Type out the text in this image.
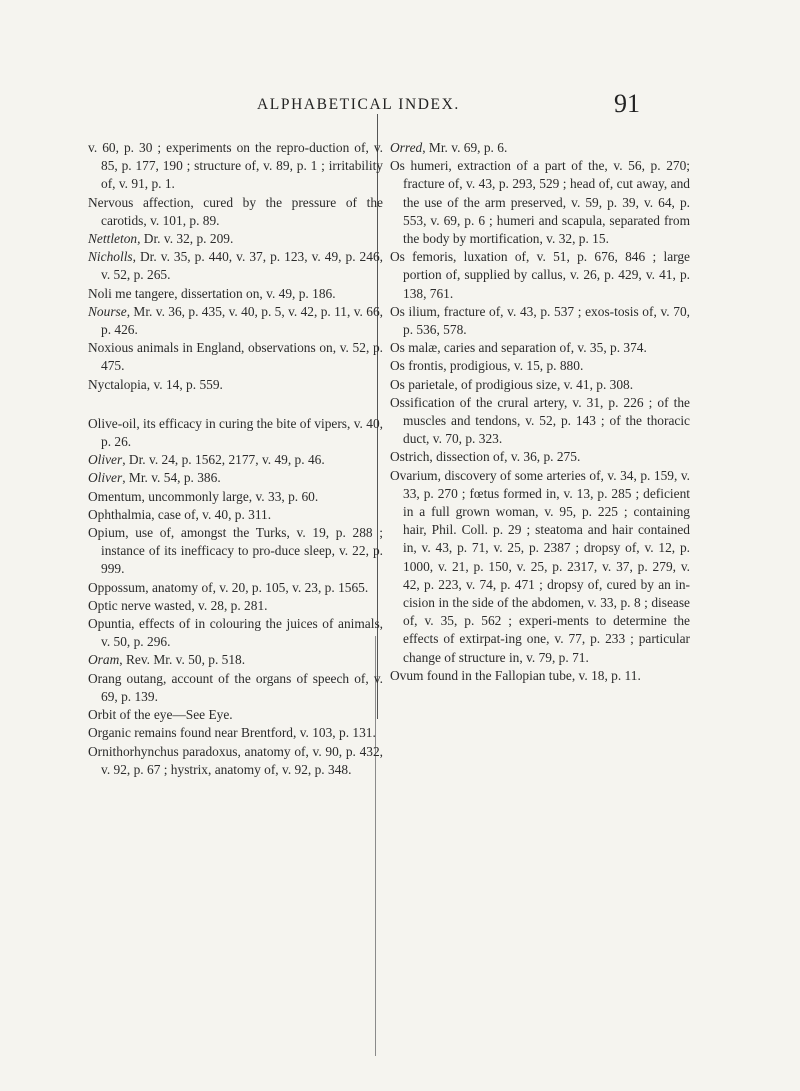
ALPHABETICAL INDEX.	91

v. 60, p. 30 ; experiments on the repro-duction of, v. 85, p. 177, 190 ; structure of, v. 89, p. 1 ; irritability of, v. 91, p. 1.

Nervous affection, cured by the pressure of the carotids, v. 101, p. 89.

Nettleton, Dr. v. 32, p. 209.

Nicholls, Dr. v. 35, p. 440, v. 37, p. 123, v. 49, p. 246, v. 52, p. 265.

Noli me tangere, dissertation on, v. 49, p. 186.

Nourse, Mr. v. 36, p. 435, v. 40, p. 5, v. 42, p. 11, v. 66, p. 426.

Noxious animals in England, observations on, v. 52, p. 475.

Nyctalopia, v. 14, p. 559.

Olive-oil, its efficacy in curing the bite of vipers, v. 40, p. 26.

Oliver, Dr. v. 24, p. 1562, 2177, v. 49, p. 46.

Oliver, Mr. v. 54, p. 386.

Omentum, uncommonly large, v. 33, p. 60.

Ophthalmia, case of, v. 40, p. 311.

Opium, use of, amongst the Turks, v. 19, p. 288 ; instance of its inefficacy to pro-duce sleep, v. 22, p. 999.

Oppossum, anatomy of, v. 20, p. 105, v. 23, p. 1565.

Optic nerve wasted, v. 28, p. 281.

Opuntia, effects of in colouring the juices of animals, v. 50, p. 296.

Oram, Rev. Mr. v. 50, p. 518.

Orang outang, account of the organs of speech of, v. 69, p. 139.

Orbit of the eye—See Eye.

Organic remains found near Brentford, v. 103, p. 131.

Ornithorhynchus paradoxus, anatomy of, v. 90, p. 432, v. 92, p. 67 ; hystrix, anatomy of, v. 92, p. 348.

Orred, Mr. v. 69, p. 6.

Os humeri, extraction of a part of the, v. 56, p. 270; fracture of, v. 43, p. 293, 529 ; head of, cut away, and the use of the arm preserved, v. 59, p. 39, v. 64, p. 553, v. 69, p. 6 ; humeri and scapula, separated from the body by mortification, v. 32, p. 15.

Os femoris, luxation of, v. 51, p. 676, 846 ; large portion of, supplied by callus, v. 26, p. 429, v. 41, p. 138, 761.

Os ilium, fracture of, v. 43, p. 537 ; exos-tosis of, v. 70, p. 536, 578.

Os malæ, caries and separation of, v. 35, p. 374.

Os frontis, prodigious, v. 15, p. 880.

Os parietale, of prodigious size, v. 41, p. 308.

Ossification of the crural artery, v. 31, p. 226 ; of the muscles and tendons, v. 52, p. 143 ; of the thoracic duct, v. 70, p. 323.

Ostrich, dissection of, v. 36, p. 275.

Ovarium, discovery of some arteries of, v. 34, p. 159, v. 33, p. 270 ; fœtus formed in, v. 13, p. 285 ; deficient in a full grown woman, v. 95, p. 225 ; containing hair, Phil. Coll. p. 29 ; steatoma and hair contained in, v. 43, p. 71, v. 25, p. 2387 ; dropsy of, v. 12, p. 1000, v. 21, p. 150, v. 25, p. 2317, v. 37, p. 279, v. 42, p. 223, v. 74, p. 471 ; dropsy of, cured by an in-cision in the side of the abdomen, v. 33, p. 8 ; disease of, v. 35, p. 562 ; experi-ments to determine the effects of extirpat-ing one, v. 77, p. 233 ; particular change of structure in, v. 79, p. 71.

Ovum found in the Fallopian tube, v. 18, p. 11.
